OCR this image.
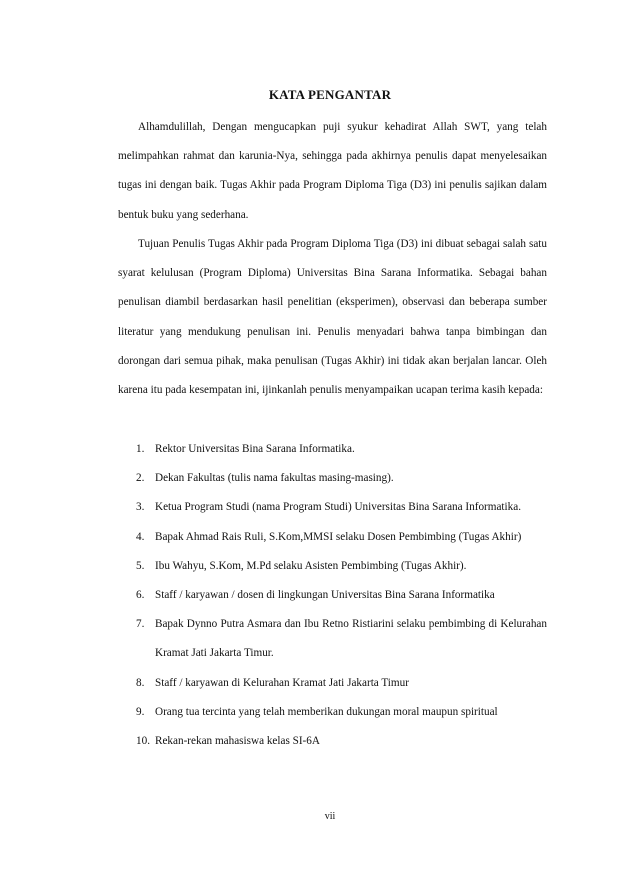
KATA PENGANTAR

Alhamdulillah, Dengan mengucapkan puji syukur kehadirat Allah SWT, yang telah melimpahkan rahmat dan karunia-Nya, sehingga pada akhirnya penulis dapat menyelesaikan tugas ini dengan baik. Tugas Akhir pada Program Diploma Tiga (D3) ini penulis sajikan dalam bentuk buku yang sederhana.

Tujuan Penulis Tugas Akhir pada Program Diploma Tiga (D3) ini dibuat sebagai salah satu syarat kelulusan (Program Diploma) Universitas Bina Sarana Informatika. Sebagai bahan penulisan diambil berdasarkan hasil penelitian (eksperimen), observasi dan beberapa sumber literatur yang mendukung penulisan ini. Penulis menyadari bahwa tanpa bimbingan dan dorongan dari semua pihak, maka penulisan (Tugas Akhir) ini tidak akan berjalan lancar. Oleh karena itu pada kesempatan ini, ijinkanlah penulis menyampaikan ucapan terima kasih kepada:

1. Rektor Universitas Bina Sarana Informatika.
2. Dekan Fakultas (tulis nama fakultas masing-masing).
3. Ketua Program Studi (nama Program Studi) Universitas Bina Sarana Informatika.
4. Bapak Ahmad Rais Ruli, S.Kom,MMSI selaku Dosen Pembimbing (Tugas Akhir)
5. Ibu Wahyu, S.Kom, M.Pd selaku Asisten Pembimbing (Tugas Akhir).
6. Staff / karyawan / dosen di lingkungan Universitas Bina Sarana Informatika
7. Bapak Dynno Putra Asmara dan Ibu Retno Ristiarini selaku pembimbing di Kelurahan Kramat Jati Jakarta Timur.
8. Staff / karyawan di Kelurahan Kramat Jati Jakarta Timur
9. Orang tua tercinta yang telah memberikan dukungan moral maupun spiritual
10. Rekan-rekan mahasiswa kelas SI-6A
vii
